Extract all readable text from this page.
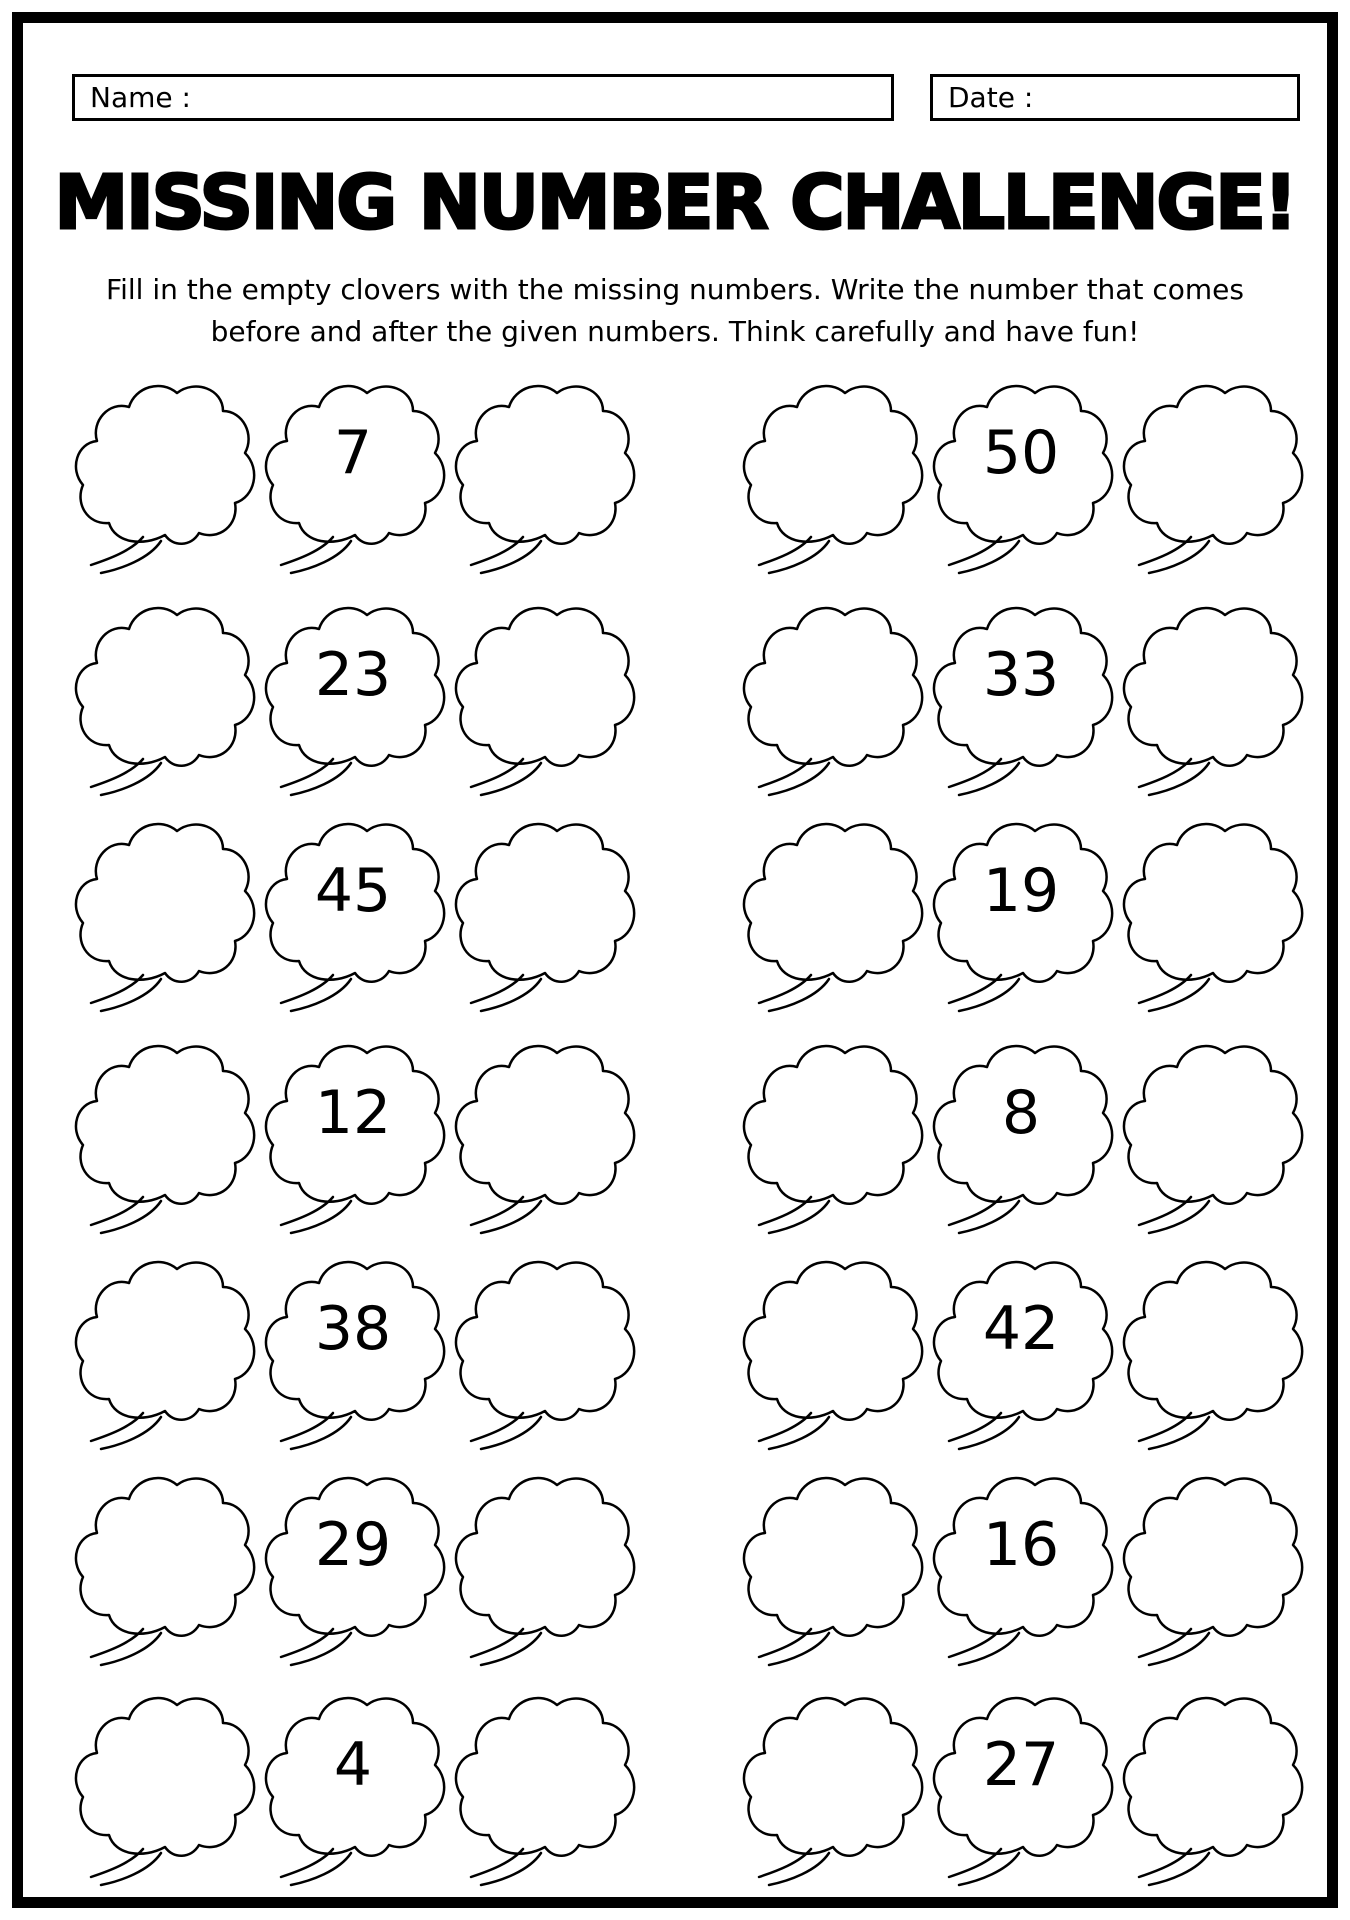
Name :	Date :
MISSING NUMBER CHALLENGE!

Fill in the empty clovers with the missing numbers. Write the number that comes before and after the given numbers. Think carefully and have fun!

7
23
45
12
38
29
4
50
33
19
8
42
16
27
